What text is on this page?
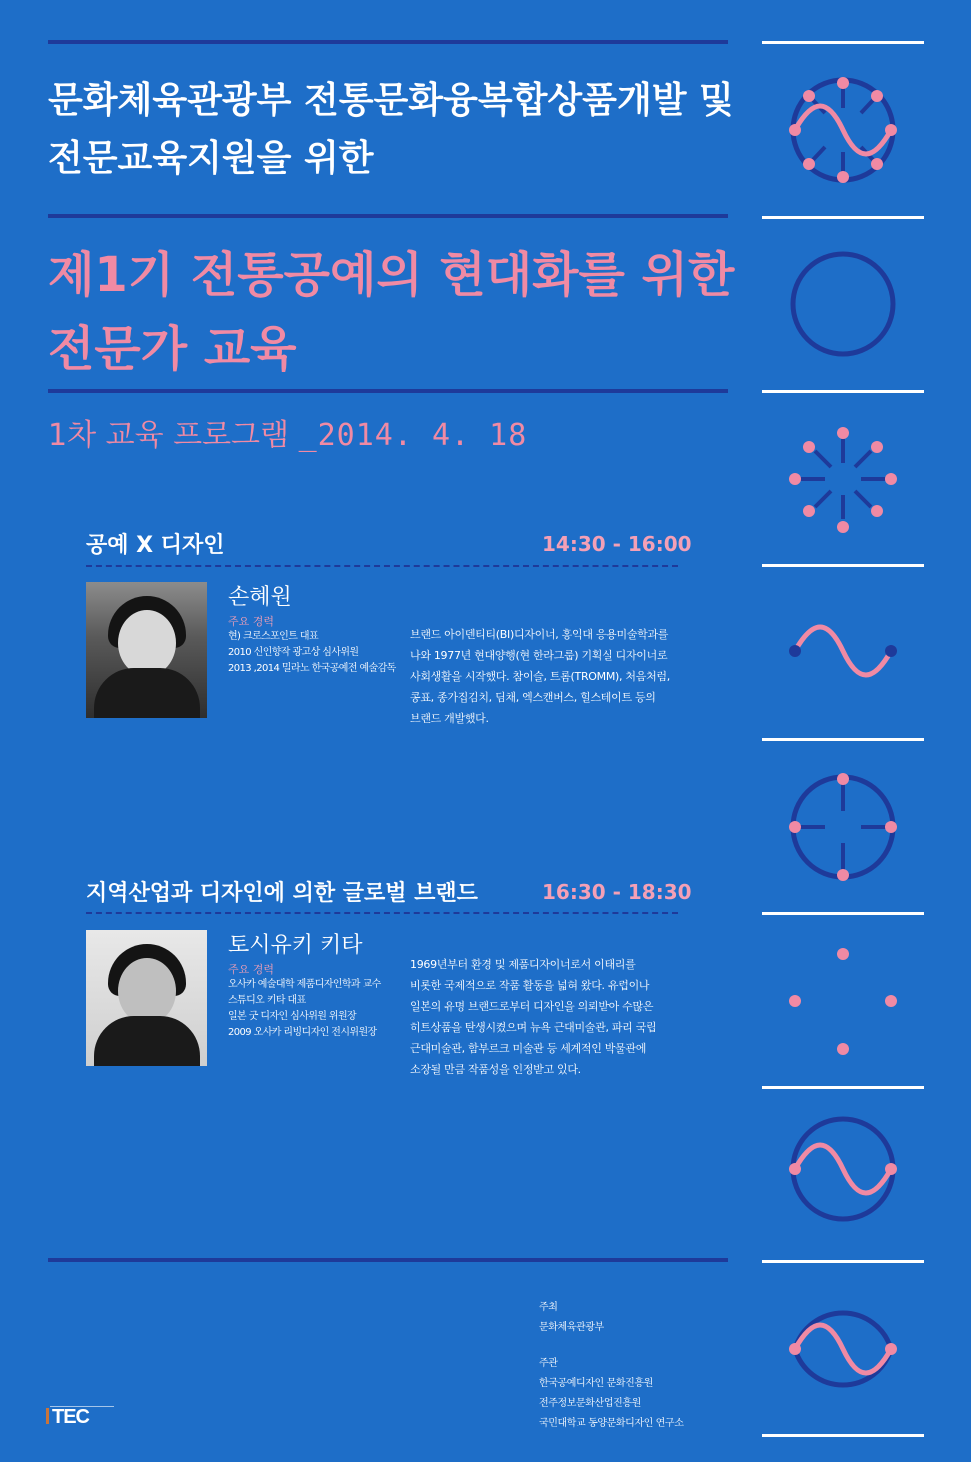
문화체육관광부 전통문화융복합상품개발 및
전문교육지원을 위한
제1기 전통공예의 현대화를 위한
전문가 교육
1차 교육 프로그램 _2014. 4. 18
공예 X 디자인	14:30 - 16:00
손혜원
주요 경력
현) 크로스포인트 대표
2010 신인향작 광고상 심사위원
2013 ,2014 밀라노 한국공예전 예술감독
브랜드 아이덴티티(BI)디자이너, 홍익대 응용미술학과를
나와 1977년 현대양행(현 한라그룹) 기획실 디자이너로
사회생활을 시작했다. 참이슬, 트롬(TROMM), 처음처럼,
콩표, 종가집김치, 딤채, 엑스캔버스, 힐스테이트 등의
브랜드 개발했다.
지역산업과 디자인에 의한 글로벌 브랜드	16:30 - 18:30
토시유키 키타
주요 경력
오사카 예술대학 제품디자인학과 교수
스튜디오 키타 대표
일본 굿 디자인 심사위원 위원장
2009 오사카 리빙디자인 전시위원장
1969년부터 환경 및 제품디자이너로서 이태리를
비롯한 국제적으로 작품 활동을 넓혀 왔다. 유럽이나
일본의 유명 브랜드로부터 디자인을 의뢰받아 수많은
히트상품을 탄생시켰으며 뉴욕 근대미술관, 파리 국립
근대미술관, 함부르크 미술관 등 세계적인 박물관에
소장될 만큼 작품성을 인정받고 있다.
주최
문화체육관광부
주관
한국공예디자인 문화진흥원
전주정보문화산업진흥원
국민대학교 동양문화디자인 연구소
TEC
